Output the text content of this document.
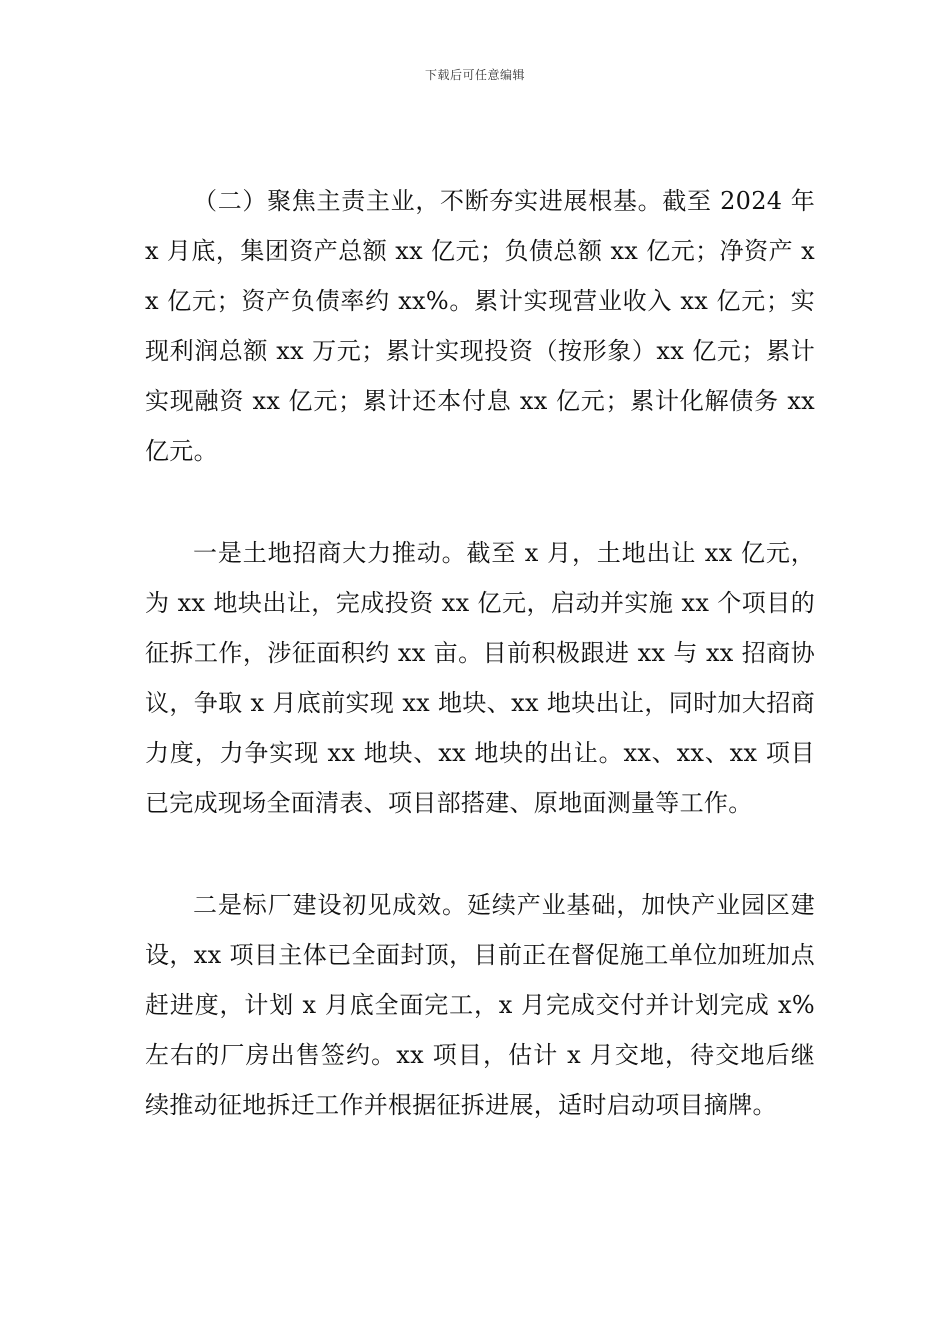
下载后可任意编辑

（二）聚焦主责主业，不断夯实进展根基。截至 2024 年 x 月底，集团资产总额 xx 亿元；负债总额 xx 亿元；净资产 xx 亿元；资产负债率约 xx%。累计实现营业收入 xx 亿元；实现利润总额 xx 万元；累计实现投资（按形象）xx 亿元；累计实现融资 xx 亿元；累计还本付息 xx 亿元；累计化解债务 xx 亿元。

一是土地招商大力推动。截至 x 月，土地出让 xx 亿元，为 xx 地块出让，完成投资 xx 亿元，启动并实施 xx 个项目的征拆工作，涉征面积约 xx 亩。目前积极跟进 xx 与 xx 招商协议，争取 x 月底前实现 xx 地块、xx 地块出让，同时加大招商力度，力争实现 xx 地块、xx 地块的出让。xx、xx、xx 项目已完成现场全面清表、项目部搭建、原地面测量等工作。

二是标厂建设初见成效。延续产业基础，加快产业园区建设，xx 项目主体已全面封顶，目前正在督促施工单位加班加点赶进度，计划 x 月底全面完工，x 月完成交付并计划完成 x%左右的厂房出售签约。xx 项目，估计 x 月交地，待交地后继续推动征地拆迁工作并根据征拆进展，适时启动项目摘牌。
